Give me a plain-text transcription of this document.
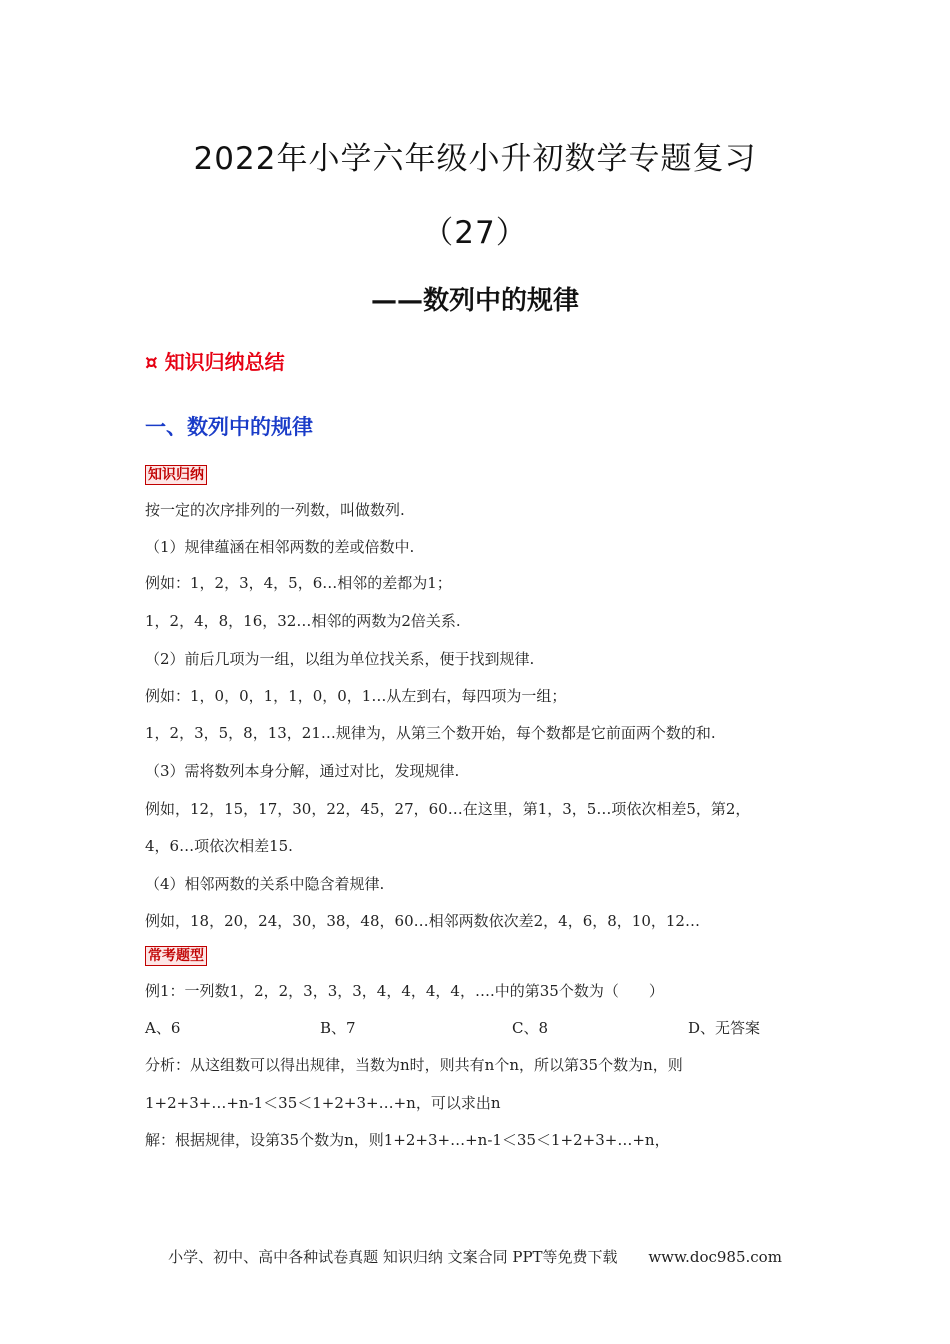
2022年小学六年级小升初数学专题复习
（27）
——数列中的规律
¤ 知识归纳总结
一、数列中的规律
知识归纳
按一定的次序排列的一列数，叫做数列.
（1）规律蕴涵在相邻两数的差或倍数中.
例如：1，2，3，4，5，6…相邻的差都为1；
1，2，4，8，16，32…相邻的两数为2倍关系.
（2）前后几项为一组，以组为单位找关系，便于找到规律.
例如：1，0，0，1，1，0，0，1…从左到右，每四项为一组；
1，2，3，5，8，13，21…规律为，从第三个数开始，每个数都是它前面两个数的和.
（3）需将数列本身分解，通过对比，发现规律.
例如，12，15，17，30，22，45，27，60…在这里，第1，3，5…项依次相差5，第2，
4，6…项依次相差15.
（4）相邻两数的关系中隐含着规律.
例如，18，20，24，30，38，48，60…相邻两数依次差2，4，6，8，10，12…
常考题型
例1：一列数1，2，2，3，3，3，4，4，4，4，….中的第35个数为（　　）
A、6	B、7	C、8	D、无答案
分析：从这组数可以得出规律，当数为n时，则共有n个n，所以第35个数为n，则
1+2+3+…+n-1＜35＜1+2+3+…+n，可以求出n
解：根据规律，设第35个数为n，则1+2+3+…+n-1＜35＜1+2+3+…+n，
小学、初中、高中各种试卷真题 知识归纳 文案合同 PPT等免费下载 www.doc985.com
